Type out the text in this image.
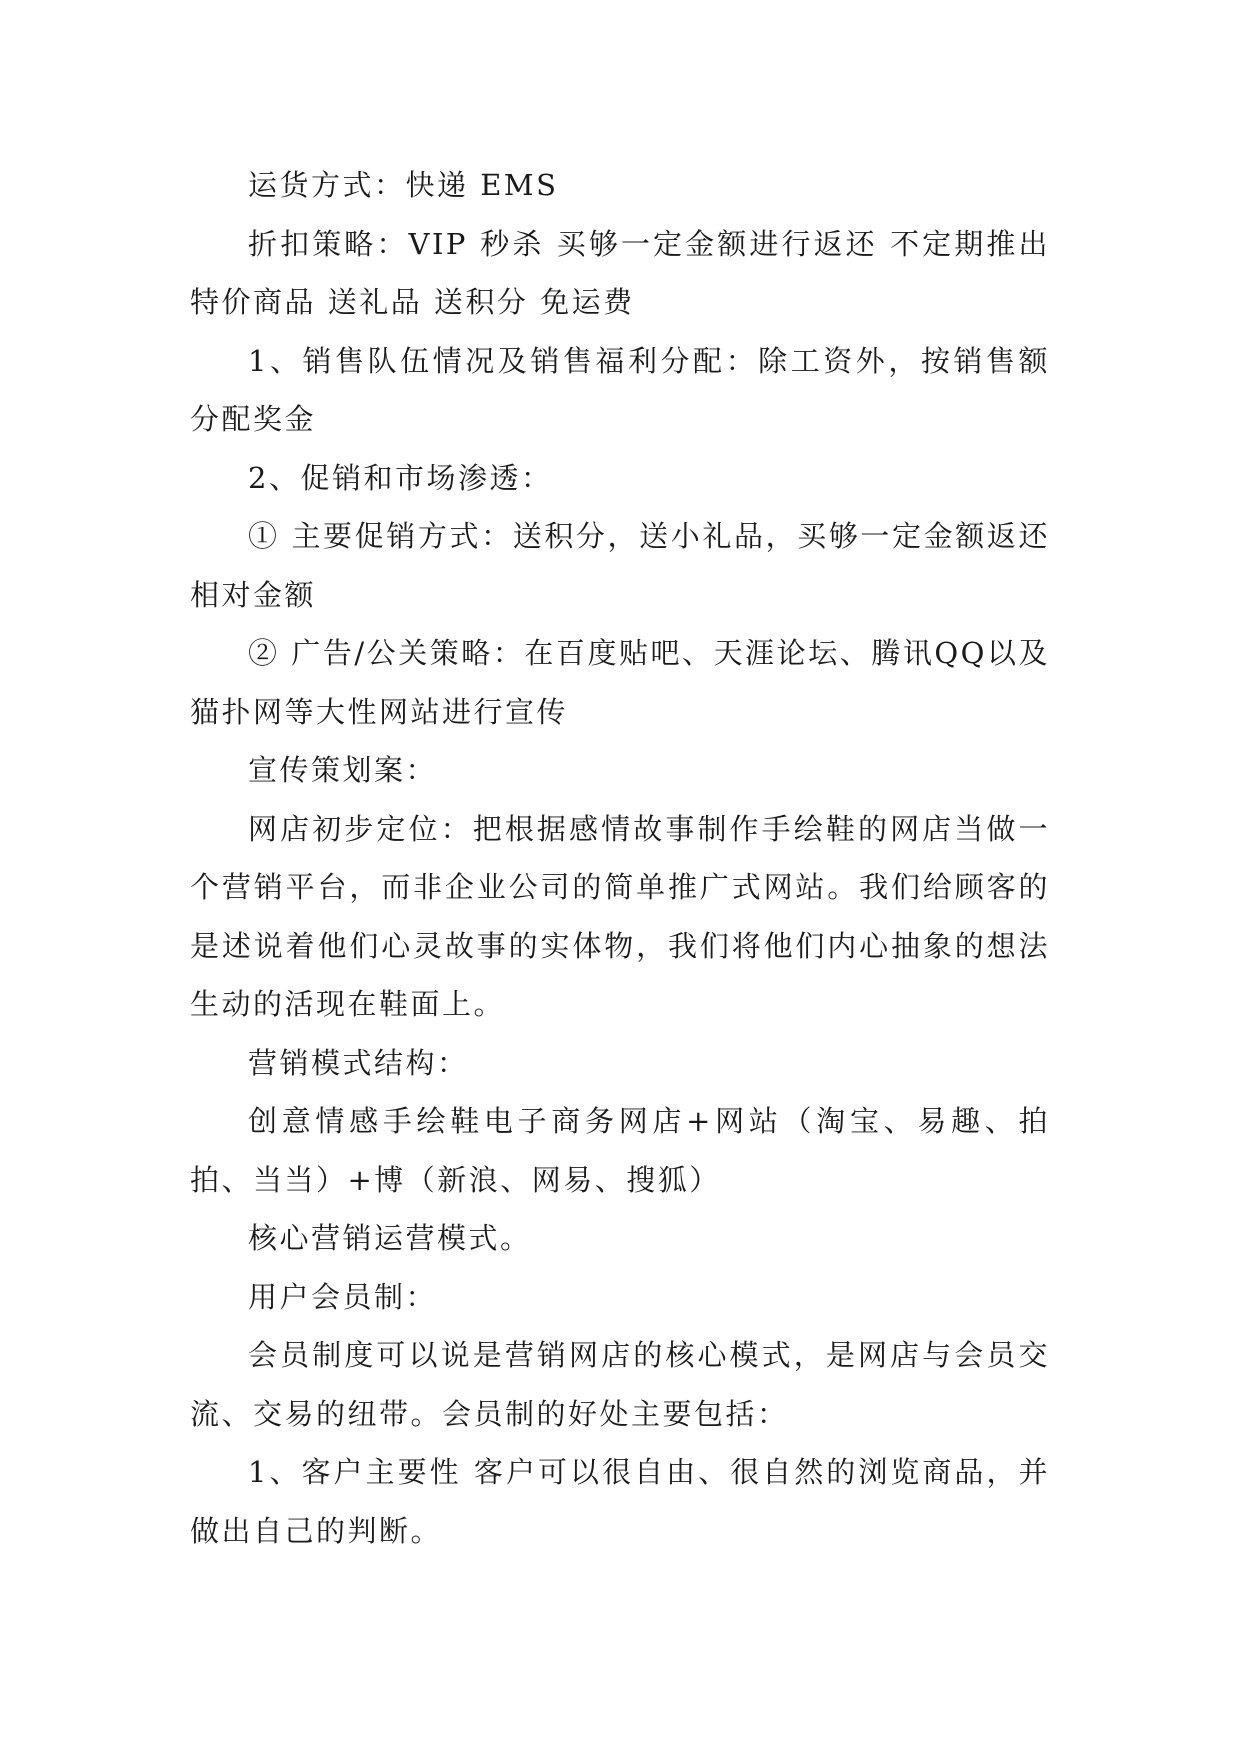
运货方式：快递 EMS

折扣策略：VIP 秒杀 买够一定金额进行返还 不定期推出特价商品 送礼品 送积分 免运费

1、销售队伍情况及销售福利分配：除工资外，按销售额分配奖金

2、促销和市场渗透：

① 主要促销方式：送积分，送小礼品，买够一定金额返还相对金额

② 广告/公关策略：在百度贴吧、天涯论坛、腾讯QQ以及猫扑网等大性网站进行宣传

宣传策划案：

网店初步定位：把根据感情故事制作手绘鞋的网店当做一个营销平台，而非企业公司的简单推广式网站。我们给顾客的是述说着他们心灵故事的实体物，我们将他们内心抽象的想法生动的活现在鞋面上。

营销模式结构：

创意情感手绘鞋电子商务网店+网站（淘宝、易趣、拍拍、当当）+博（新浪、网易、搜狐）

核心营销运营模式。

用户会员制：

会员制度可以说是营销网店的核心模式，是网店与会员交流、交易的纽带。会员制的好处主要包括：

1、客户主要性 客户可以很自由、很自然的浏览商品，并做出自己的判断。
